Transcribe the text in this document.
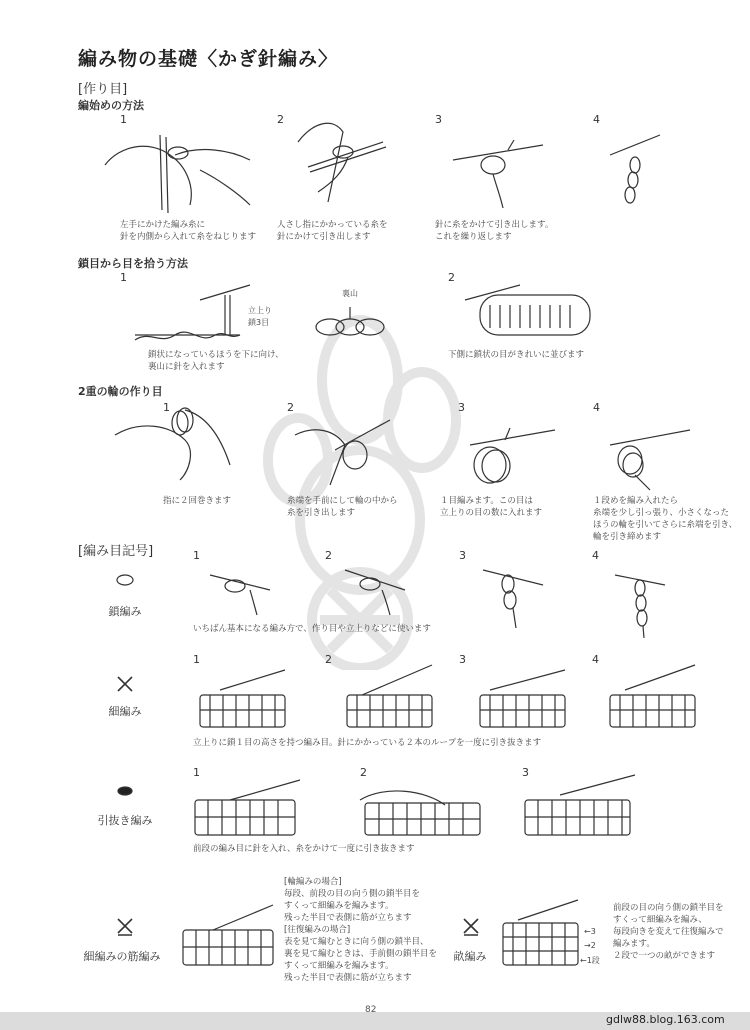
編み物の基礎〈かぎ針編み〉
[作り目]
編始めの方法
1	2	3	4
左手にかけた編み糸に
針を内側から入れて糸をねじります
人さし指にかかっている糸を
針にかけて引き出します
針に糸をかけて引き出します。
これを繰り返します
鎖目から目を拾う方法
1	2
立上り
鎖3目
裏山
鎖状になっているほうを下に向け、
裏山に針を入れます
下側に鎖状の目がきれいに並びます
2重の輪の作り目
1	2	3	4
指に２回巻きます	糸端を手前にして輪の中から
糸を引き出します
１目編みます。この目は
立上りの目の数に入れます
１段めを編み入れたら
糸端を少し引っ張り、小さくなった
ほうの輪を引いてさらに糸端を引き、
輪を引き締めます
[編み目記号]
鎖編み
1	2	3	4
いちばん基本になる編み方で、作り目や立上りなどに使います
細編み
1	2	3	4
立上りに鎖１目の高さを持つ編み目。針にかかっている２本のループを一度に引き抜きます
引抜き編み
1	2	3
前段の編み目に針を入れ、糸をかけて一度に引き抜きます
細編みの筋編み
[輪編みの場合]
毎段、前段の目の向う側の鎖半目を
すくって細編みを編みます。
残った半目で表側に筋が立ちます
[往復編みの場合]
表を見て編むときに向う側の鎖半目、
裏を見て編むときは、手前側の鎖半目を
すくって細編みを編みます。
残った半目で表側に筋が立ちます
畝編み
←3
→2
←1段
前段の目の向う側の鎖半目を
すくって細編みを編み、
毎段向きを変えて往復編みで
編みます。
２段で一つの畝ができます
82
gdlw88.blog.163.com
